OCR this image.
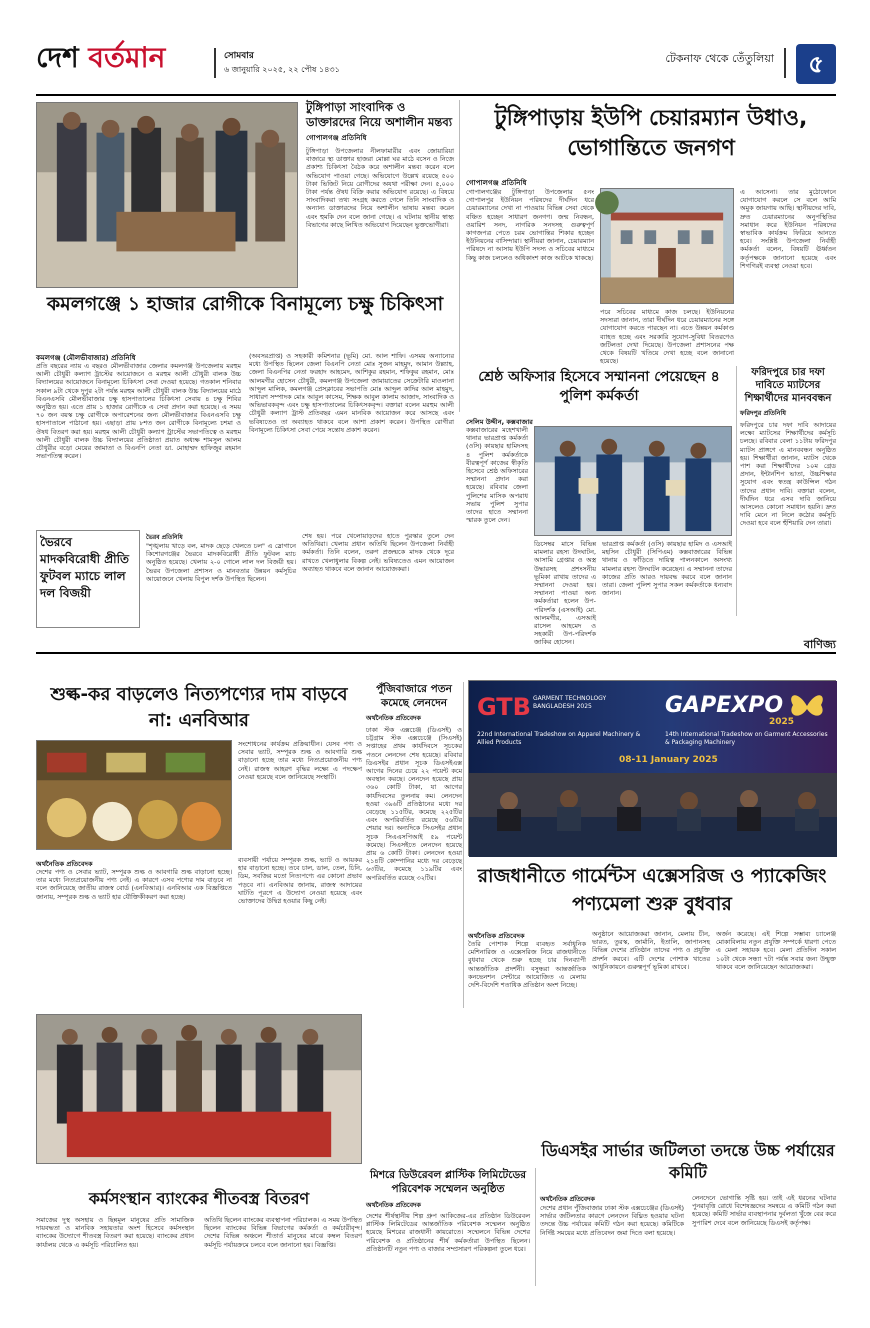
দেশ বর্তমান	সোমবার
৬ জানুয়ারি ২০২৫, ২২ পৌষ ১৪৩১
টেকনাফ থেকে তেঁতুলিয়া	৫
টুঙ্গিপাড়া সাংবাদিক ও ডাক্তারদের নিয়ে অশালীন মন্তব্য
গোপালগঞ্জ প্রতিনিধি

টুঙ্গিপাড়া উপজেলার নীলফামারীর এবং জোয়ারিয়া বাজারে স্থ্য ডাক্তার হাজরা মোল্লা ঘর মাঠে বসেন ও নিজে প্রকাশ্য চিকিৎসা বৈঠক করে অশালীন মন্তব্য করেন বলে অভিযোগ পাওয়া গেছে। অভিযোগে উল্লেখ রয়েছে ৫০০ টাকা ভিজিট নিয়ে রোগীদের অযথা পরীক্ষা দেন। ৫,০০০ টাকা পর্যন্ত ঔষধ বিক্রি করার অভিযোগ রয়েছে। এ বিষয়ে সাংবাদিকরা তথ্য সংগ্রহ করতে গেলে তিনি সাংবাদিক ও অন্যান্য ডাক্তারদের নিয়ে অশালীন ভাষায় মন্তব্য করেন এবং হুমকি দেন বলে জানা গেছে। এ ঘটনায় স্থানীয় স্বাস্থ্য বিভাগের কাছে লিখিত অভিযোগ দিয়েছেন ভুক্তভোগীরা।

কমলগঞ্জে ১ হাজার রোগীকে বিনামূল্যে চক্ষু চিকিৎসা
কমলগঞ্জ (মৌলভীবাজার) প্রতিনিধি

প্রতি বছরের ন্যায় এ বছরও মৌলভীবাজার জেলার কমলগঞ্জ উপজেলায় মরহুম আলী চৌধুরী কল্যাণ ট্রাস্টের আয়োজনে ও মরহুম আলী চৌধুরী বালক উচ্চ বিদ্যালয়ের আয়োজনে বিনামূল্যে চিকিৎসা সেবা দেওয়া হয়েছে। গতকাল শনিবার সকাল ৯টা থেকে দুপুর ২টা পর্যন্ত মরহুম আলী চৌধুরী বালক উচ্চ বিদ্যালয়ের মাঠে বিএনএসবি মৌলভীবাজার চক্ষু হাসপাতালের চিকিৎসা সেবায় ৪ চক্ষু শিবির অনুষ্ঠিত হয়। এতে প্রায় ১ হাজার রোগীকে এ সেবা প্রদান করা হয়েছে। এ সময় ৭০ জন বয়স্ক চক্ষু রোগীকে অপারেশনের জন্য মৌলভীবাজার বিএনএসবি চক্ষু হাসপাতালে পাঠানো হয়। এছাড়া প্রায় ৮শত জন রোগীকে বিনামূল্যে চশমা ও ঔষধ বিতরণ করা হয়। মরহুম আলী চৌধুরী কল্যাণ ট্রাস্টের সভাপতিত্বে ও মরহুম আলী চৌধুরী বালক উচ্চ বিদ্যালয়ের প্রতিষ্ঠাতা প্রয়াত অধ্যক্ষ শামসুল আলম চৌধুরীর বড়ো মেয়ের জামাতা ও বিএনপি নেতা ডা. মোহাম্মদ হাফিজুর রহমান সভাপতিত্ব করেন।

(অবসরপ্রাপ্ত) ও সহকারী কমিশনার (ভূমি) মো. আল শাফি। এসময় অন্যান্যের মধ্যে উপস্থিত ছিলেন জেলা বিএনপি নেতা মোঃ সুজন মাহমুদ, আমান উল্ল্যাহ, জেলা বিএনপির নেতা ফরহাদ আহমেদ, আশিকুর রহমান, শফিকুর রহমান, মোঃ আলমগীর হোসেন চৌধুরী, কমলগঞ্জ উপজেলা জামায়াতের সেক্রেটারি মাওলানা আব্দুল মালিক, কমলগঞ্জ প্রেসক্লাবের সভাপতি মোঃ আব্দুল কাদির আল মাহমুদ, সাধারণ সম্পাদক মোঃ আবুল কাসেম, শিক্ষক আবুল কালাম আজাদ, সাংবাদিক ও অভিভাবকবৃন্দ এবং চক্ষু হাসপাতালের চিকিৎসকবৃন্দ। বক্তারা বলেন মরহুম আলী চৌধুরী কল্যাণ ট্রাস্ট প্রতিবছর এমন মানবিক আয়োজন করে আসছে এবং ভবিষ্যতেও তা অব্যাহত থাকবে বলে আশা প্রকাশ করেন। উপস্থিত রোগীরা বিনামূল্যে চিকিৎসা সেবা পেয়ে সন্তোষ প্রকাশ করেন।

টুঙ্গিপাড়ায় ইউপি চেয়ারম্যান উধাও, ভোগান্তিতে জনগণ
গোপালগঞ্জ প্রতিনিধি

গোপালগঞ্জের টুঙ্গিপাড়া উপজেলার ৫নং গোপালপুর ইউনিয়ন পরিষদের দীর্ঘদিন ধরে চেয়ারম্যানের দেখা না পাওয়ায় বিভিন্ন সেবা থেকে বঞ্চিত হচ্ছেন সাধারণ জনগণ। জন্ম নিবন্ধন, ওয়ারিশ সনদ, নাগরিক সনদসহ গুরুত্বপূর্ণ কাগজপত্র পেতে চরম ভোগান্তির শিকার হচ্ছেন ইউনিয়নের বাসিন্দারা। স্থানীয়রা জানান, চেয়ারম্যান পরিষদে না আসায় ইউপি সদস্য ও সচিবের মাধ্যমে কিছু কাজ চললেও অধিকাংশ কাজ আটকে থাকছে।

পরে সচিবের মাধ্যমে কাজ চলছে। ইউনিয়নের সদস্যরা জানান, তারা দীর্ঘদিন ধরে চেয়ারম্যানের সঙ্গে যোগাযোগ করতে পারছেন না। এতে উন্নয়ন কর্মকাণ্ড ব্যাহত হচ্ছে এবং সরকারি সুযোগ-সুবিধা বিতরণেও জটিলতা দেখা দিয়েছে। উপজেলা প্রশাসনের পক্ষ থেকে বিষয়টি খতিয়ে দেখা হচ্ছে বলে জানানো হয়েছে।

এ আসেনা। তার মুঠোফোনে যোগাযোগ করলে সে বলে আমি অমুক জায়গায় আছি। স্থানীয়দের দাবি, দ্রুত চেয়ারম্যানের অনুপস্থিতির সমাধান করে ইউনিয়ন পরিষদের স্বাভাবিক কার্যক্রম ফিরিয়ে আনতে হবে। সংশ্লিষ্ট উপজেলা নির্বাহী কর্মকর্তা বলেন, বিষয়টি ঊর্ধ্বতন কর্তৃপক্ষকে জানানো হয়েছে এবং শিগগিরই ব্যবস্থা নেওয়া হবে।

ফরিদপুরে চার দফা দাবিতে ম্যাটসের শিক্ষার্থীদের মানববন্ধন
ফরিদপুর প্রতিনিধি

ফরিদপুরে চার দফা দাবি আদায়ের লক্ষ্যে ম্যাটসের শিক্ষার্থীদের কর্মসূচি চলছে। রবিবার বেলা ১১টায় ফরিদপুর ম্যাটস প্রাঙ্গণে এ মানববন্ধন অনুষ্ঠিত হয়। শিক্ষার্থীরা জানান, ম্যাটস থেকে পাশ করা শিক্ষার্থীদের ১০ম গ্রেড প্রদান, ইন্টার্নশিপ ভাতা, উচ্চশিক্ষার সুযোগ এবং স্বতন্ত্র কাউন্সিল গঠন তাদের প্রধান দাবি। বক্তারা বলেন, দীর্ঘদিন ধরে এসব দাবি জানিয়ে আসলেও কোনো সমাধান হয়নি। দ্রুত দাবি মেনে না নিলে কঠোর কর্মসূচি দেওয়া হবে বলে হুঁশিয়ারি দেন তারা।

শ্রেষ্ঠ অফিসার হিসেবে সম্মাননা পেয়েছেন ৪ পুলিশ কর্মকর্তা
সেলিম উদ্দীন, কক্সবাজার

কক্সবাজারের মহেশখালী থানার ভারপ্রাপ্ত কর্মকর্তা (ওসি) কায়ছার হামিদসহ ৪ পুলিশ কর্মকর্তাকে বীরত্বপূর্ণ কাজের স্বীকৃতি হিসেবে শ্রেষ্ঠ অফিসারের সম্মাননা প্রদান করা হয়েছে। রবিবার জেলা পুলিশের মাসিক অপরাধ সভায় পুলিশ সুপার তাদের হাতে সম্মাননা স্মারক তুলে দেন।

ডিসেম্বর মাসে বিভিন্ন মামলার রহস্য উদঘাটন, আসামি গ্রেপ্তার ও অস্ত্র উদ্ধারসহ প্রশংসনীয় ভূমিকা রাখায় তাদের এ সম্মাননা দেওয়া হয়। সম্মাননা পাওয়া অন্য কর্মকর্তারা হলেন উপ-পরিদর্শক (এসআই) মো. আলমগীর, এসআই রাসেল আহমেদ ও সহকারী উপ-পরিদর্শক জাকির হোসেন।

ভারপ্রাপ্ত কর্মকর্তা (ওসি) কায়ছার হামিদ ও এসআই মহসিন চৌধুরী (সিপিএম) কক্সবাজারের বিভিন্ন থানায় ও ফাঁড়িতে দায়িত্ব পালনকালে অসংখ্য মামলার রহস্য উদঘাটন করেছেন। এ সম্মাননা তাদের কাজের প্রতি আরও দায়বদ্ধ করবে বলে জানান তারা। জেলা পুলিশ সুপার সকল কর্মকর্তাকে ধন্যবাদ জানান।

ভৈরবে মাদকবিরোধী প্রীতি ফুটবল ম্যাচে লাল দল বিজয়ী
ভৈরব প্রতিনিধি

"শৃঙ্খলায় খাড়ে বল, মাদক ছেড়ে খেলতে চল" এ স্লোগানে কিশোরগঞ্জের ভৈরবে মাদকবিরোধী প্রীতি ফুটবল ম্যাচ অনুষ্ঠিত হয়েছে। খেলায় ২-০ গোলে লাল দল বিজয়ী হয়। ভৈরব উপজেলা প্রশাসন ও মানবতার উন্নয়ন কর্মসূচির আয়োজনে খেলায় বিপুল দর্শক উপস্থিত ছিলেন।

শেষ হয়। পরে খেলোয়াড়দের হাতে পুরস্কার তুলে দেন অতিথিরা। খেলায় প্রধান অতিথি ছিলেন উপজেলা নির্বাহী কর্মকর্তা। তিনি বলেন, তরুণ প্রজন্মকে মাদক থেকে দূরে রাখতে খেলাধুলার বিকল্প নেই। ভবিষ্যতেও এমন আয়োজন অব্যাহত থাকবে বলে জানান আয়োজকরা।

বাণিজ্য
শুল্ক-কর বাড়লেও নিত্যপণ্যের দাম বাড়বে না: এনবিআর

সংশোধনের কার্যক্রম প্রক্রিয়াধীন। যেসব পণ্য ও সেবার ভ্যাট, সম্পূরক শুল্ক ও আবগারি শুল্ক বাড়ানো হচ্ছে তার মধ্যে নিত্যপ্রয়োজনীয় পণ্য নেই। রাজস্ব আহরণ বৃদ্ধির লক্ষ্যে এ পদক্ষেপ নেওয়া হয়েছে বলে জানিয়েছে সংস্থাটি।

অর্থনৈতিক প্রতিবেদক

দেশের পণ্য ও সেবার ভ্যাট, সম্পূরক শুল্ক ও আবগারি শুল্ক বাড়ানো হচ্ছে। তার মধ্যে নিত্যপ্রয়োজনীয় পণ্য নেই। এ কারণে এসব পণ্যের দাম বাড়বে না বলে জানিয়েছে জাতীয় রাজস্ব বোর্ড (এনবিআর)। এনবিআর এক বিজ্ঞপ্তিতে জানায়, সম্পূরক শুল্ক ও ভ্যাট হার যৌক্তিকীকরণ করা হচ্ছে।

ব্যবসায়ী পর্যায়ে সম্পূরক শুল্ক, ভ্যাট ও আয়কর হার বাড়ানো হচ্ছে। তবে চাল, ডাল, তেল, চিনি, ডিম, সবজির মতো নিত্যপণ্যে এর কোনো প্রভাব পড়বে না। এনবিআর জানায়, রাজস্ব আদায়ের ঘাটতি পূরণে এ উদ্যোগ নেওয়া হয়েছে এবং ভোক্তাদের উদ্বিগ্ন হওয়ার কিছু নেই।

পুঁজিবাজারে পতন কমেছে লেনদেন
অর্থনৈতিক প্রতিবেদক

ঢাকা স্টক এক্সচেঞ্জ (ডিএসই) ও চট্টগ্রাম স্টক এক্সচেঞ্জে (সিএসই) সপ্তাহের প্রথম কার্যদিবসে সূচকের পতনে লেনদেন শেষ হয়েছে। রবিবার ডিএসইর প্রধান সূচক ডিএসইএক্স আগের দিনের চেয়ে ২২ পয়েন্ট কমে অবস্থান করছে। লেনদেন হয়েছে প্রায় ৩৬০ কোটি টাকা, যা আগের কার্যদিবসের তুলনায় কম। লেনদেন হওয়া ৩৯৬টি প্রতিষ্ঠানের মধ্যে দর বেড়েছে ১১৫টির, কমেছে ২২৫টির এবং অপরিবর্তিত রয়েছে ৫৬টির শেয়ার দর। অন্যদিকে সিএসইর প্রধান সূচক সিএএসপিআই ৫৯ পয়েন্ট কমেছে। সিএসইতে লেনদেন হয়েছে প্রায় ৬ কোটি টাকা। লেনদেন হওয়া ২১৪টি কোম্পানির মধ্যে দর বেড়েছে ৬৩টির, কমেছে ১১৯টির এবং অপরিবর্তিত রয়েছে ৩২টির।

GTB GARMENT TECHNOLOGY BANGLADESH 2025	GAPEXPO
2025
22nd International Tradeshow on Apparel Machinery & Allied Products
14th International Tradeshow on Garment Accessories & Packaging Machinery
08-11 January 2025
রাজধানীতে গার্মেন্টস এক্সেসরিজ ও প্যাকেজিং পণ্যমেলা শুরু বুধবার
অর্থনৈতিক প্রতিবেদক

তৈরি পোশাক শিল্পে ব্যবহৃত সর্বাধুনিক মেশিনারিজ ও এক্সেসরিজ নিয়ে রাজধানীতে বুধবার থেকে শুরু হচ্ছে চার দিনব্যাপী আন্তর্জাতিক প্রদর্শনী। বসুন্ধরা আন্তর্জাতিক কনভেনশন সেন্টারে আয়োজিত এ মেলায় দেশি-বিদেশি শতাধিক প্রতিষ্ঠান অংশ নিচ্ছে।

অনুষ্ঠানে আয়োজকরা জানান, মেলায় চীন, ভারত, তুরস্ক, জার্মানি, ইতালি, জাপানসহ বিভিন্ন দেশের প্রতিষ্ঠান তাদের পণ্য ও প্রযুক্তি প্রদর্শন করবে। এটি দেশের পোশাক খাতের আধুনিকায়নে গুরুত্বপূর্ণ ভূমিকা রাখবে।

অর্জন করেছে। এই শিল্পে সম্ভাব্য চ্যালেঞ্জ মোকাবিলায় নতুন প্রযুক্তি সম্পর্কে ধারণা পেতে এ মেলা সহায়ক হবে। মেলা প্রতিদিন সকাল ১০টা থেকে সন্ধ্যা ৭টা পর্যন্ত সবার জন্য উন্মুক্ত থাকবে বলে জানিয়েছেন আয়োজকরা।

কর্মসংস্থান ব্যাংকের শীতবস্ত্র বিতরণ

সমাজের দুস্থ অসহায় ও ছিন্নমূল মানুষের প্রতি সামাজিক দায়বদ্ধতা ও মানবিক সহায়তার অংশ হিসেবে কর্মসংস্থান ব্যাংকের উদ্যোগে শীতবস্ত্র বিতরণ করা হয়েছে। ব্যাংকের প্রধান কার্যালয় থেকে এ কর্মসূচি পরিচালিত হয়।

অতিথি ছিলেন ব্যাংকের ব্যবস্থাপনা পরিচালক। এ সময় উপস্থিত ছিলেন ব্যাংকের বিভিন্ন বিভাগের কর্মকর্তা ও কর্মচারীবৃন্দ। দেশের বিভিন্ন অঞ্চলে শীতার্ত মানুষের মাঝে কম্বল বিতরণ কর্মসূচি পর্যায়ক্রমে চলবে বলে জানানো হয়। বিজ্ঞপ্তি।

মিশরে ডিউরেবল প্লাস্টিক লিমিটেডের পরিবেশক সম্মেলন অনুষ্ঠিত
অর্থনৈতিক প্রতিবেদক

দেশের শীর্ষস্থানীয় শিল্প গ্রুপ আকিজের-এর প্রতিষ্ঠান ডিউরেবল প্লাস্টিক লিমিটেডের আন্তর্জাতিক পরিবেশক সম্মেলন অনুষ্ঠিত হয়েছে মিশরের রাজধানী কায়রোতে। সম্মেলনে বিভিন্ন দেশের পরিবেশক ও প্রতিষ্ঠানের শীর্ষ কর্মকর্তারা উপস্থিত ছিলেন। প্রতিষ্ঠানটি নতুন পণ্য ও বাজার সম্প্রসারণ পরিকল্পনা তুলে ধরে।

ডিএসইর সার্ভার জটিলতা তদন্তে উচ্চ পর্যায়ের কমিটি
অর্থনৈতিক প্রতিবেদক

দেশের প্রধান পুঁজিবাজার ঢাকা স্টক এক্সচেঞ্জের (ডিএসই) সার্ভার জটিলতার কারণে লেনদেন বিঘ্নিত হওয়ার ঘটনা তদন্তে উচ্চ পর্যায়ের কমিটি গঠন করা হয়েছে। কমিটিকে নির্দিষ্ট সময়ের মধ্যে প্রতিবেদন জমা দিতে বলা হয়েছে।

লেনদেনে ভোগান্তি সৃষ্টি হয়। তাই এই ধরনের ঘটনার পুনরাবৃত্তি রোধে বিশেষজ্ঞদের সমন্বয়ে এ কমিটি গঠন করা হয়েছে। কমিটি সার্ভার ব্যবস্থাপনার দুর্বলতা খুঁজে বের করে সুপারিশ দেবে বলে জানিয়েছে ডিএসই কর্তৃপক্ষ।
